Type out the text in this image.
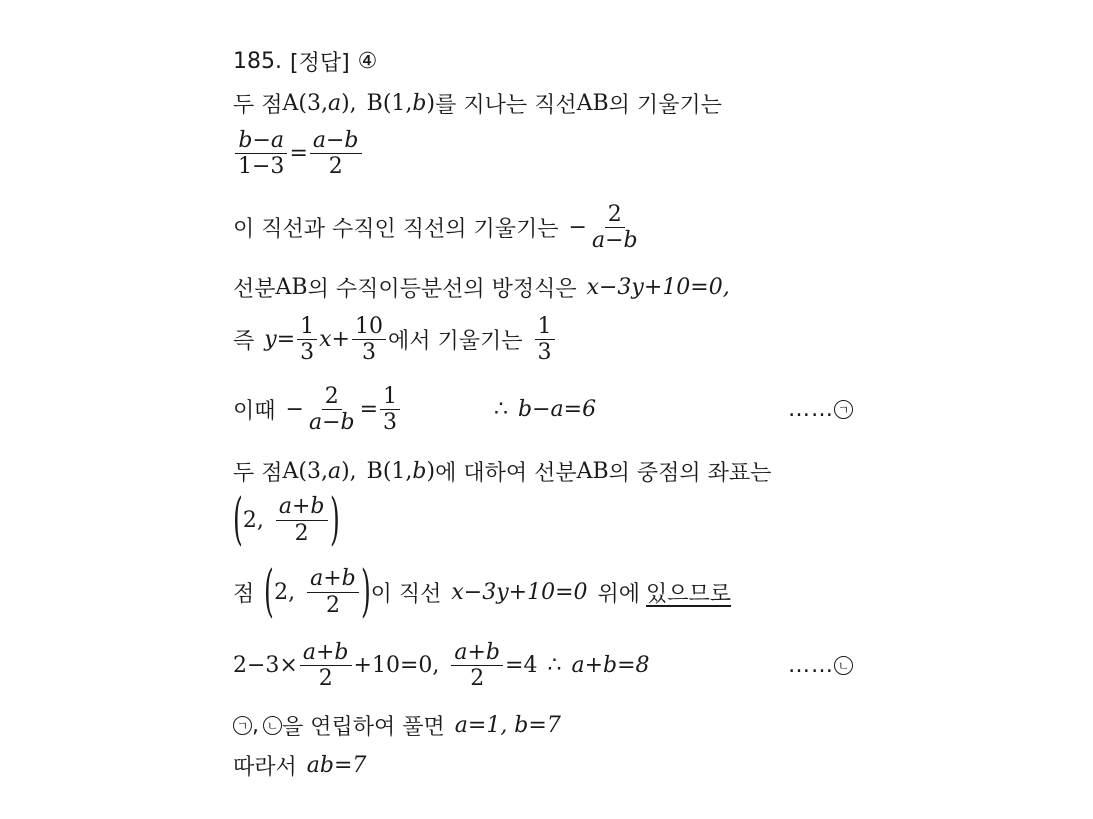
185. [정답] ④
두 점 A(3, a ), B(1, b ) 를 지나는 직선 AB 의 기울기는
$\frac{b-a}{1-3} = \frac{a-b}{2}$
이 직선과 수직인 직선의 기울기는 − $\frac{2}{a-b}$
선분 AB 의 수직이등분선의 방정식은 x−3y+10=0,
즉 $y= \frac{1}{3} x+ \frac{10}{3}$ 에서 기울기는 $\frac{1}{3}$
이때 − $\frac{2}{a-b} = \frac{1}{3}$	∴ b−a=6	…… ㄱ
두 점 A(3, a ), B(1, b ) 에 대하여 선분 AB 의 중점의 좌표는
( 2, $\frac{a+b}{2}$ )
점 ( 2, $\frac{a+b}{2}$ ) 이 직선 x−3y+10=0 위에 있으므로
$2-3\times \frac{a+b}{2} +10=0$, $\frac{a+b}{2} =4$ ∴ a+b=8	…… ㄴ
ㄱ , ㄴ 을 연립하여 풀면 a=1, b=7
따라서 ab=7
